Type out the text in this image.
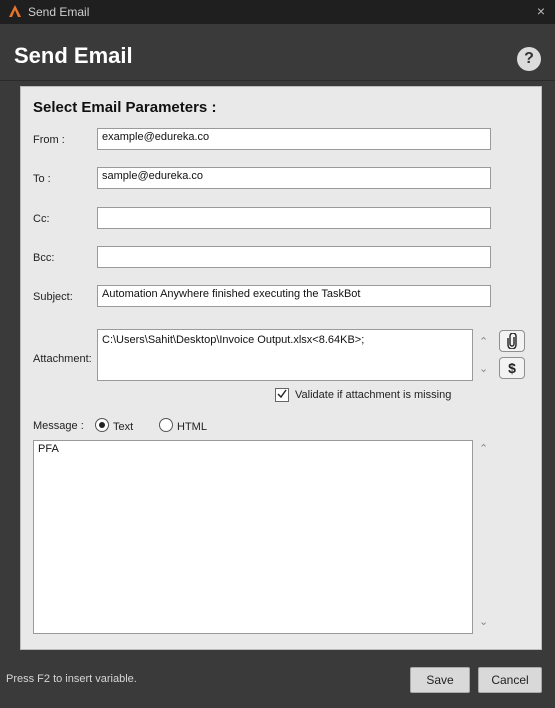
Send Email	×
Send Email	?
Select Email Parameters :
From :	example@edureka.co
To :	sample@edureka.co
Cc:
Bcc:
Subject:	Automation Anywhere finished executing the TaskBot
Attachment:
C:\Users\Sahit\Desktop\Invoice Output.xlsx<8.64KB>;	⌃
⌄	$
Validate if attachment is missing
Message :	Text	HTML
PFA	⌃
⌄
Press F2 to insert variable.	Save	Cancel
